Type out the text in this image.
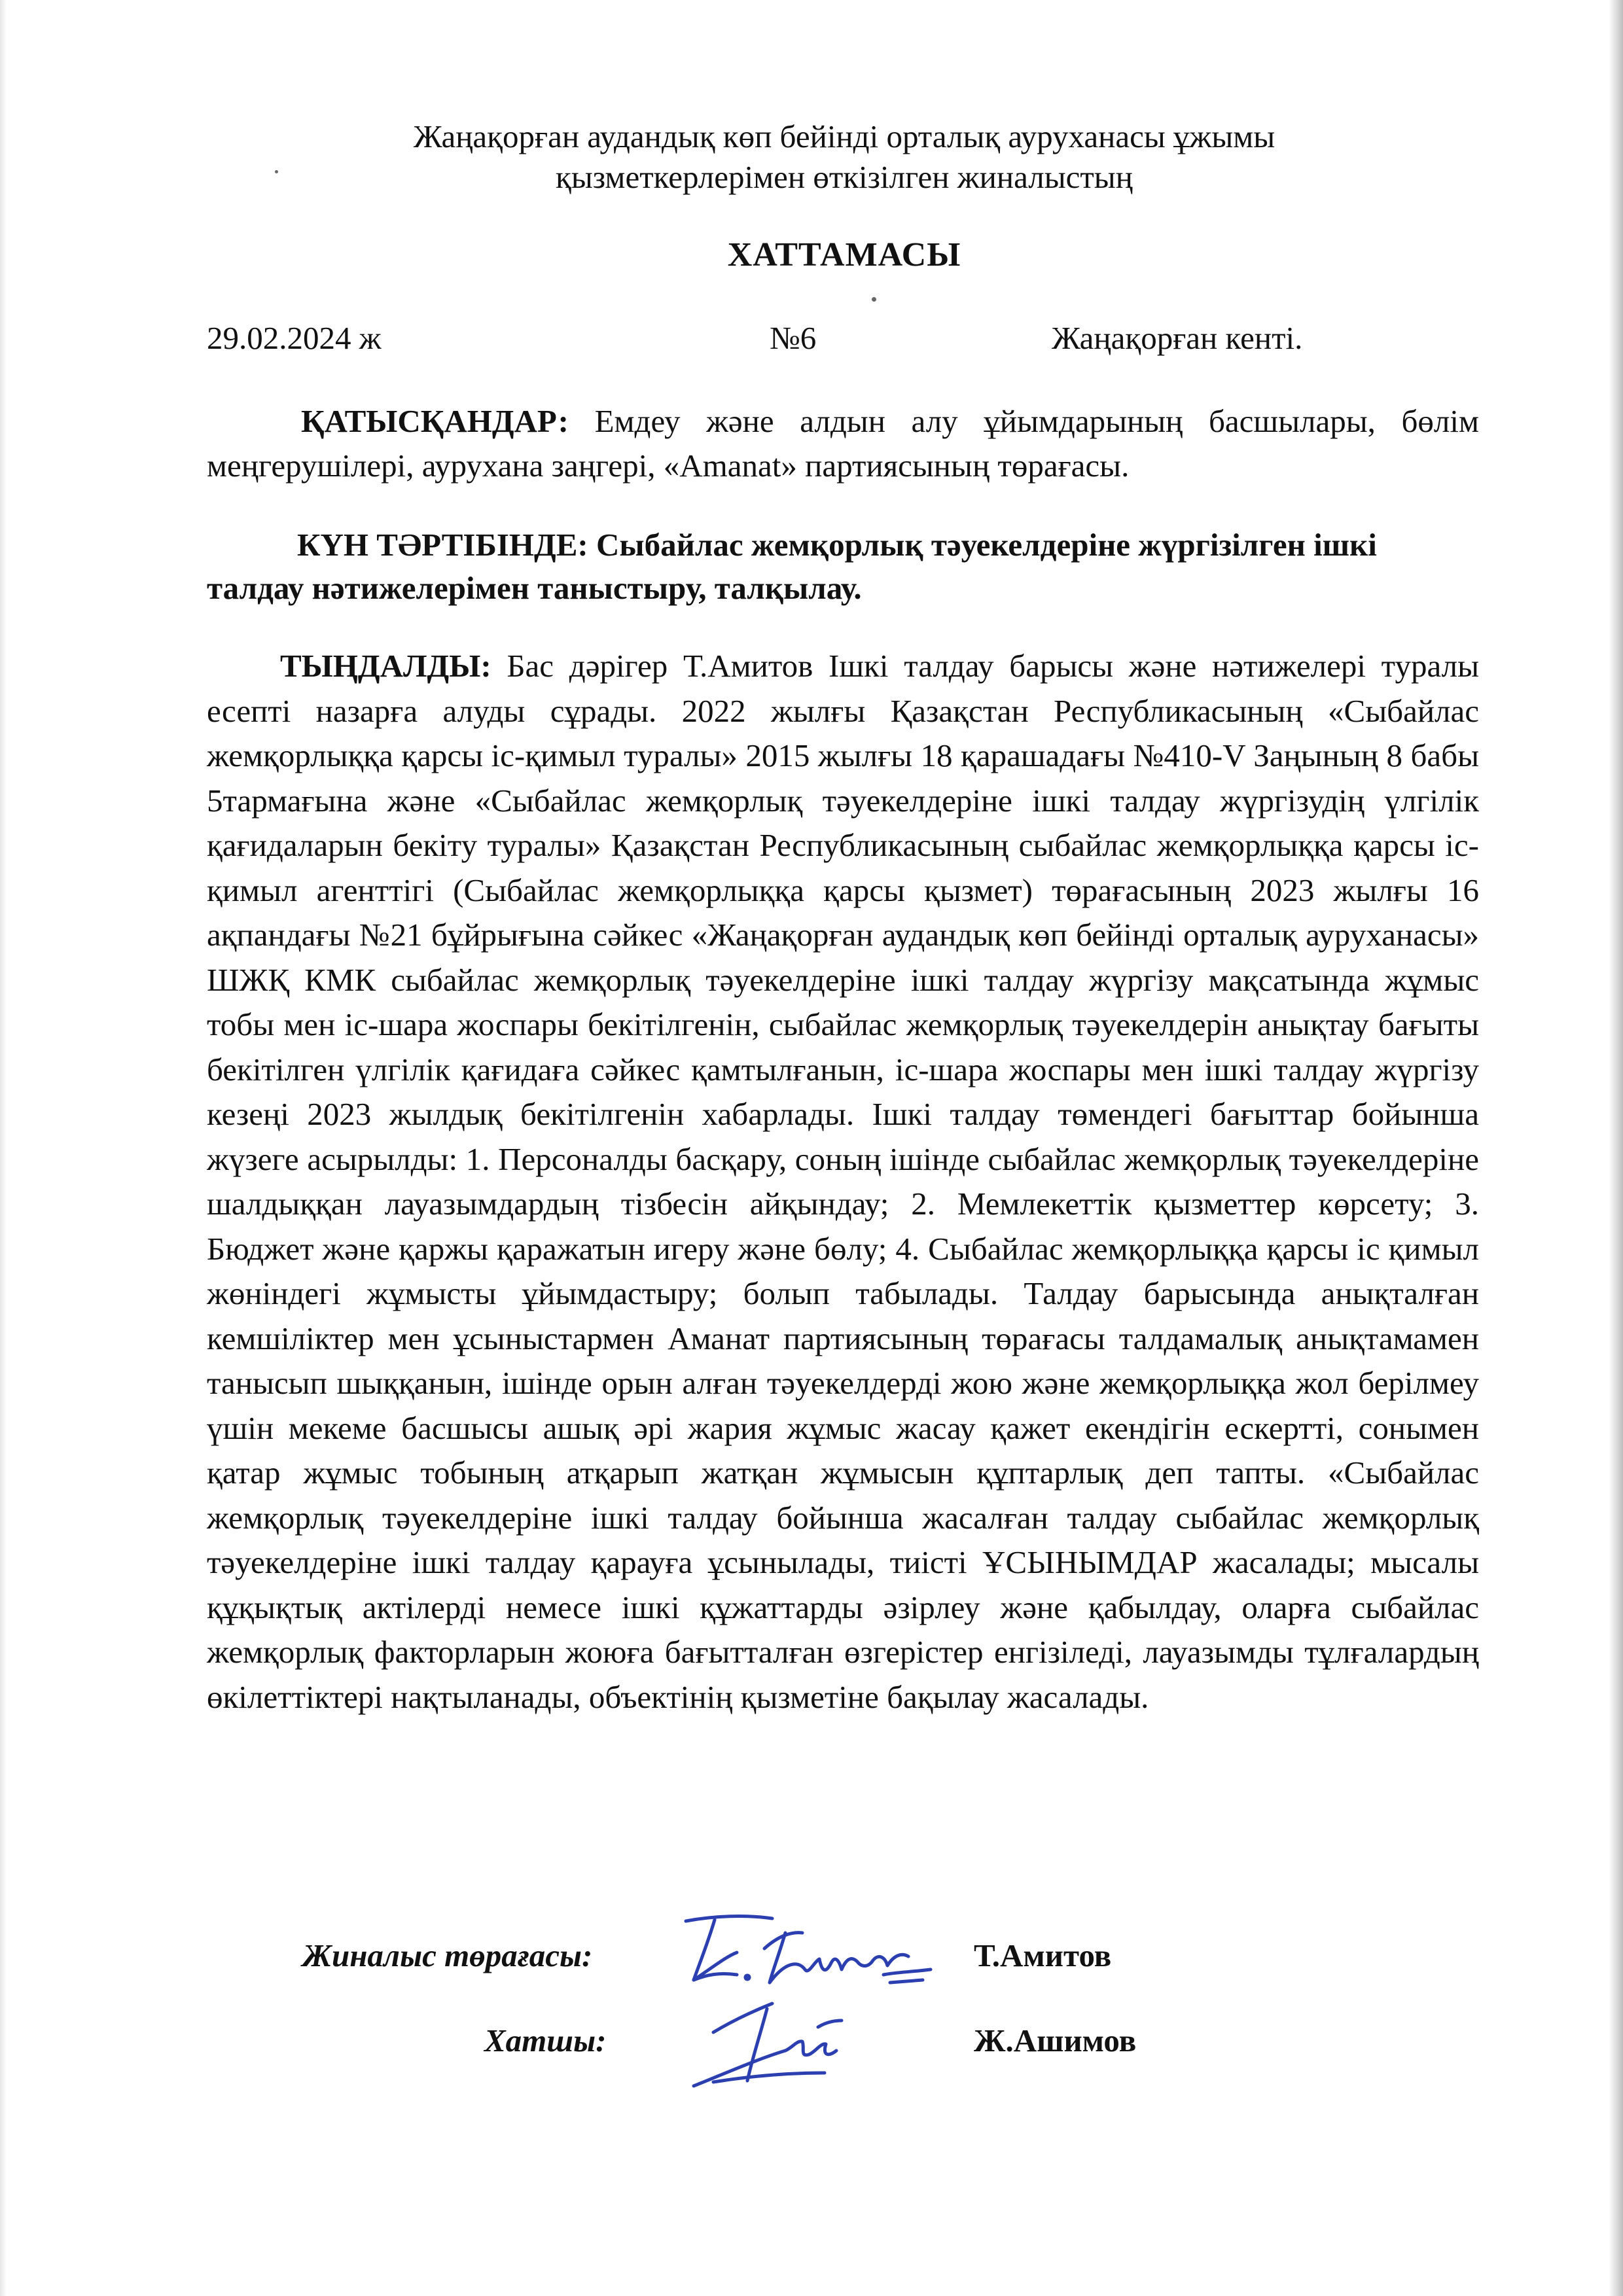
Жаңақорған аудандық көп бейінді орталық ауруханасы ұжымы
қызметкерлерімен өткізілген жиналыстың
ХАТТАМАСЫ
29.02.2024 ж	№6	Жаңақорған кенті.
ҚАТЫСҚАНДАР: Емдеу және алдын алу ұйымдарының басшылары, бөлім меңгерушілері, аурухана заңгері, «Amanat» партиясының төрағасы.
КҮН ТӘРТІБІНДЕ: Сыбайлас жемқорлық тәуекелдеріне жүргізілген ішкі талдау нәтижелерімен таныстыру, талқылау.
ТЫҢДАЛДЫ: Бас дәрігер Т.Амитов Ішкі талдау барысы және нәтижелері туралы есепті назарға алуды сұрады. 2022 жылғы Қазақстан Республикасының «Сыбайлас жемқорлыққа қарсы іс-қимыл туралы» 2015 жылғы 18 қарашадағы №410-V Заңының 8 бабы 5тармағына және «Сыбайлас жемқорлық тәуекелдеріне ішкі талдау жүргізудің үлгілік қағидаларын бекіту туралы» Қазақстан Республикасының сыбайлас жемқорлыққа қарсы іс-қимыл агенттігі (Сыбайлас жемқорлыққа қарсы қызмет) төрағасының 2023 жылғы 16 ақпандағы №21 бұйрығына сәйкес «Жаңақорған аудандық көп бейінді орталық ауруханасы» ШЖҚ КМК сыбайлас жемқорлық тәуекелдеріне ішкі талдау жүргізу мақсатында жұмыс тобы мен іс-шара жоспары бекітілгенін, сыбайлас жемқорлық тәуекелдерін анықтау бағыты бекітілген үлгілік қағидаға сәйкес қамтылғанын, іс-шара жоспары мен ішкі талдау жүргізу кезеңі 2023 жылдық бекітілгенін хабарлады. Ішкі талдау төмендегі бағыттар бойынша жүзеге асырылды: 1. Персоналды басқару, соның ішінде сыбайлас жемқорлық тәуекелдеріне шалдыққан лауазымдардың тізбесін айқындау; 2. Мемлекеттік қызметтер көрсету; 3. Бюджет және қаржы қаражатын игеру және бөлу; 4. Сыбайлас жемқорлыққа қарсы іс қимыл жөніндегі жұмысты ұйымдастыру; болып табылады. Талдау барысында анықталған кемшіліктер мен ұсыныстармен Аманат партиясының төрағасы талдамалық анықтамамен танысып шыққанын, ішінде орын алған тәуекелдерді жою және жемқорлыққа жол берілмеу үшін мекеме басшысы ашық әрі жария жұмыс жасау қажет екендігін ескертті, сонымен қатар жұмыс тобының атқарып жатқан жұмысын құптарлық деп тапты. «Сыбайлас жемқорлық тәуекелдеріне ішкі талдау бойынша жасалған талдау сыбайлас жемқорлық тәуекелдеріне ішкі талдау қарауға ұсынылады, тиісті ҰСЫНЫМДАР жасалады; мысалы құқықтық актілерді немесе ішкі құжаттарды әзірлеу және қабылдау, оларға сыбайлас жемқорлық факторларын жоюға бағытталған өзгерістер енгізіледі, лауазымды тұлғалардың өкілеттіктері нақтыланады, объектінің қызметіне бақылау жасалады.
Жиналыс төрағасы:	Т.Амитов
Хатшы:	Ж.Ашимов
